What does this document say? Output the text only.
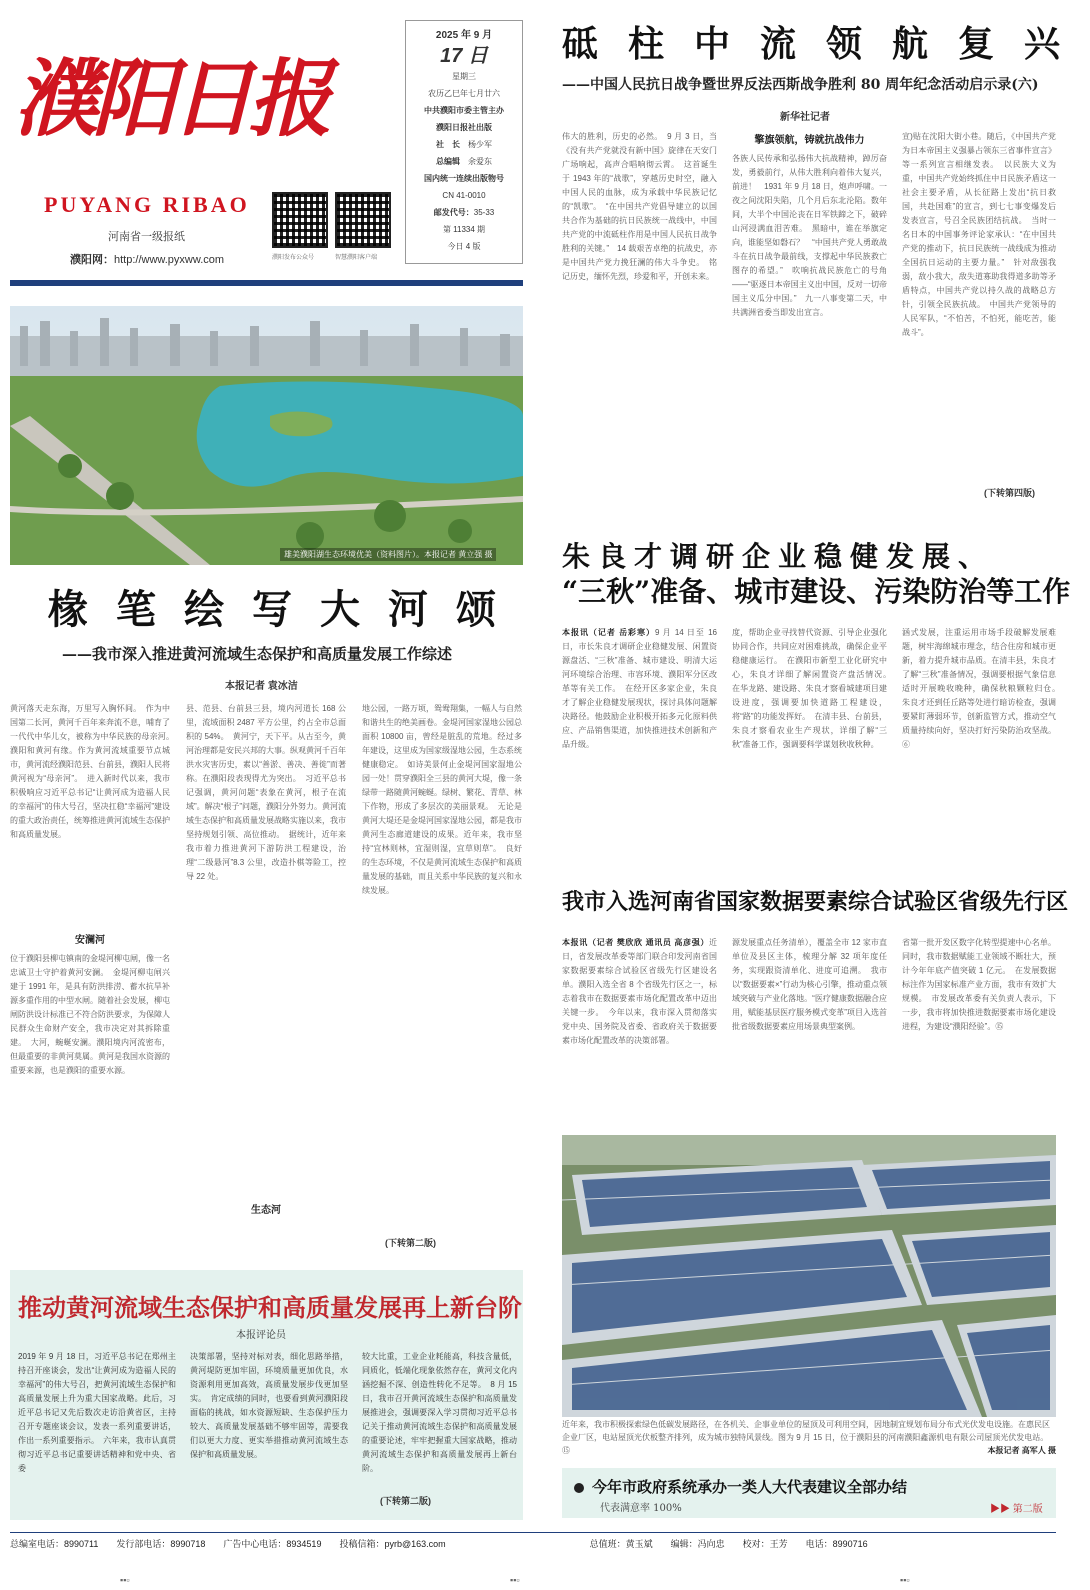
濮阳日报
PUYANG RIBAO
河南省一级报纸
濮阳网：http://www.pyxww.com	濮阳发布公众号	智慧濮阳客户端
2025 年 9 月
17 日
星期三
农历乙巳年七月廿六
中共濮阳市委主管主办
濮阳日报社出版
社　长　 杨少军
总编辑　 余爱东
国内统一连续出版物号
CN 41-0010
邮发代号：35-33
第 11334 期
今日 4 版
砥柱中流领航复兴
——中国人民抗日战争暨世界反法西斯战争胜利 80 周年纪念活动启示录(六)
新华社记者
伟大的胜利，历史的必然。　9 月 3 日，当《没有共产党就没有新中国》旋律在天安门广场响起，高声合唱响彻云霄。　这首诞生于 1943 年的“战歌”，穿越历史时空，融入中国人民的血脉，成为承载中华民族记忆的“凯歌”。　“在中国共产党倡导建立的以国共合作为基础的抗日民族统一战线中，中国共产党的中流砥柱作用是中国人民抗日战争胜利的关键。”　14 载艰苦卓绝的抗战史，亦是中国共产党力挽狂澜的伟大斗争史。　铭记历史，缅怀先烈，珍爱和平，开创未来。
擎旗领航，铸就抗战伟力
各族人民传承和弘扬伟大抗战精神，踔厉奋发，勇毅前行，从伟大胜利向着伟大复兴，前进！　1931 年 9 月 18 日，炮声呼啸。一夜之间沈阳失陷，几个月后东北沦陷。数年间，大半个中国沦丧在日军铁蹄之下，破碎山河浸满血泪苦难。　黑暗中，谁在举旗定向，谁能坚如磐石？　“中国共产党人勇敢战斗在抗日战争最前线，支撑起中华民族救亡图存的希望。”　吹响抗战民族危亡的号角——“驱逐日本帝国主义出中国，反对一切帝国主义瓜分中国。”　九一八事变第二天，中共满洲省委当即发出宣言。
宣)贴在沈阳大街小巷。随后，《中国共产党为日本帝国主义强暴占领东三省事件宣言》等一系列宣言相继发表。　以民族大义为重，中国共产党始终抓住中日民族矛盾这一社会主要矛盾，从长征路上发出“抗日救国，共赴国难”的宣言，到七七事变爆发后发表宣言，号召全民族团结抗战。　当时一名日本的中国事务评论家承认：“在中国共产党的推动下，抗日民族统一战线成为推动全国抗日运动的主要力量。”　针对敌强我弱，敌小我大，敌失道寡助我得道多助等矛盾特点，中国共产党以持久战的战略总方针，引领全民族抗战。　中国共产党领导的人民军队，“不怕苦，不怕死，能吃苦，能战斗”。
(下转第四版)
雄美濮阳湖生态环境优美（资料图片）。本报记者 黄立强 摄
椽笔绘写大河颂
——我市深入推进黄河流域生态保护和高质量发展工作综述
本报记者 袁冰洁
黄河落天走东海，万里写入胸怀间。　作为中国第二长河，黄河千百年来奔流不息，哺育了一代代中华儿女，被称为中华民族的母亲河。　濮阳和黄河有缘。作为黄河流域重要节点城市，黄河流经濮阳范县、台前县，濮阳人民将黄河视为“母亲河”。　进入新时代以来，我市积极响应习近平总书记“让黄河成为造福人民的幸福河”的伟大号召，坚决扛稳“幸福河”建设的重大政治责任，统筹推进黄河流域生态保护和高质量发展。
安澜河
位于濮阳县柳屯镇南的金堤河柳屯闸，像一名忠诚卫士守护着黄河安澜。　金堤河柳屯闸兴建于 1991 年，是具有防洪排涝、蓄水抗旱补源多重作用的中型水闸。随着社会发展，柳屯闸防洪设计标准已不符合防洪要求，为保障人民群众生命财产安全，我市决定对其拆除重建。　大河，蜿蜒安澜。濮阳境内河流密布，但最重要的非黄河莫属。黄河是我国水资源的重要来源，也是濮阳的重要水源。
县、范县、台前县三县，境内河道长 168 公里，流域面积 2487 平方公里，约占全市总面积的 54%。　黄河宁，天下平。从古至今，黄河治理都是安民兴邦的大事。纵观黄河千百年洪水灾害历史，素以“善淤、善决、善徙”而著称。在濮阳段表现得尤为突出。　习近平总书记强调，黄河问题“表象在黄河，根子在流域”。解决“根子”问题，濮阳分外努力。黄河流域生态保护和高质量发展战略实施以来，我市坚持规划引领、高位推动。　据统计，近年来我市着力推进黄河下游防洪工程建设，治理“二级悬河”8.3 公里，改造扑棋等险工，控导 22 处。
生态河
地公园，一路万顷，鸳鸯翔集，一幅人与自然和谐共生的绝美画卷。金堤河国家湿地公园总面积 10800 亩，曾经是脏乱的荒地。经过多年建设，这里成为国家级湿地公园，生态系统健康稳定。　如诗美景何止金堤河国家湿地公园一处！贯穿濮阳全三县的黄河大堤，像一条绿带一路随黄河蜿蜒。绿树、繁花、青草、林下作物，形成了多层次的美丽景观。　无论是黄河大堤还是金堤河国家湿地公园，都是我市黄河生态廊道建设的成果。近年来，我市坚持“宜林则林，宜湿则湿，宜草则草”。　良好的生态环境，不仅是黄河流域生态保护和高质量发展的基础，而且关系中华民族的复兴和永续发展。
(下转第二版)
朱良才调研企业稳健发展、
“三秋”准备、城市建设、污染防治等工作
本报讯（记者 岳彩寒）9 月 14 日至 16 日，市长朱良才调研企业稳健发展、闲置资源盘活、“三秋”准备、城市建设、明清大运河环境综合治理、市容环境、濮阳军分区改革等有关工作。　在经开区多家企业，朱良才了解企业稳健发展现状，探讨具体问题解决路径。他鼓励企业积极开拓多元化原料供应、产品销售渠道，加快推进技术创新和产品升级。
度，帮助企业寻找替代资源、引导企业强化协同合作，共同应对困难挑战，确保企业平稳健康运行。　在濮阳市新型工业化研究中心，朱良才详细了解闲置资产盘活情况。　在华龙路、建设路、朱良才察看城建项目建设进度，强调要加快道路工程建设，将“路”的功能发挥好。　在清丰县、台前县，朱良才察看农业生产现状，详细了解“三秋”准备工作，强调要科学谋划秋收秋种。
涵式发展，注重运用市场手段破解发展难题，树牢海绵城市理念，结合住房和城市更新，着力提升城市品质。在清丰县，朱良才了解“三秋”准备情况，强调要根据气象信息适时开展晚收晚种，确保秋粮颗粒归仓。　朱良才还到任丘路等处进行暗访检查，强调要紧盯薄弱环节，创新监管方式，推动空气质量持续向好，坚决打好污染防治攻坚战。⑥
我市入选河南省国家数据要素综合试验区省级先行区
本报讯（记者 樊欣欣 通讯员 高彦强）近日，省发展改革委等部门联合印发河南省国家数据要素综合试验区省级先行区建设名单。濮阳入选全省 8 个省级先行区之一，标志着我市在数据要素市场化配置改革中迈出关键一步。　今年以来，我市深入贯彻落实党中央、国务院及省委、省政府关于数据要素市场化配置改革的决策部署。
源发展重点任务清单），覆盖全市 12 家市直单位及县区主体，梳理分解 32 项年度任务，实现跟资清单化、进度可追溯。　我市以“数据要素×”行动为核心引擎，推动重点领域突破与产业化落地。“医疗健康数据融合应用，赋能基层医疗服务模式变革”项目入选首批省级数据要素应用场景典型案例。
省第一批开发区数字化转型提速中心名单。同时，我市数据赋能工业领域不断壮大，预计今年年底产值突破 1 亿元。　在发展数据标注作为国家标准产业方面，我市有效扩大规模。　市发展改革委有关负责人表示，下一步，我市将加快推进数据要素市场化建设进程，为建设“濮阳经验”。⑮
近年来，我市积极探索绿色低碳发展路径，在各机关、企事业单位的屋顶及可利用空间，因地制宜规划布局分布式光伏发电设施。在惠民区企业厂区，电站屋顶光伏板整齐排列，成为城市独特风景线。图为 9 月 15 日，位于濮阳县的河南濮阳鑫源机电有限公司屋顶光伏发电站。⑮	本报记者 高军人 摄
推动黄河流域生态保护和高质量发展再上新台阶
本报评论员
2019 年 9 月 18 日，习近平总书记在郑州主持召开座谈会，发出“让黄河成为造福人民的幸福河”的伟大号召，把黄河流域生态保护和高质量发展上升为重大国家战略。此后，习近平总书记又先后数次走访沿黄省区，主持召开专题座谈会议，发表一系列重要讲话，作出一系列重要指示。　六年来，我市认真贯彻习近平总书记重要讲话精神和党中央、省委
决策部署，坚持对标对表，细化思路举措，黄河堤防更加牢固，环境质量更加优良，水资源利用更加高效，高质量发展步伐更加坚实。　肯定成绩的同时，也要看到黄河濮阳段面临的挑战，如水资源短缺、生态保护压力较大、高质量发展基础不够牢固等，需要我们以更大力度、更实举措推动黄河流域生态保护和高质量发展。
较大比重，工业企业耗能高，科技含量低，同质化，低端化现象依然存在，黄河文化内涵挖掘不深、创造性转化不足等。　8 月 15 日，我市召开黄河流域生态保护和高质量发展推进会，强调要深入学习贯彻习近平总书记关于推动黄河流域生态保护和高质量发展的重要论述，牢牢把握重大国家战略，推动黄河流域生态保护和高质量发展再上新台阶。
(下转第二版)
今年市政府系统承办一类人大代表建议全部办结
代表满意率 100%	▶▶ 第二版
总编室电话：8990711　　发行部电话：8990718　　广告中心电话：8934519　　投稿信箱：pyrb@163.com　　　　　　　　　　　　　　　　总值班：黄玉斌　　编辑：冯向忠　　校对：王芳　　电话：8990716
▪▪▫	▪▪▫	▪▪▫
